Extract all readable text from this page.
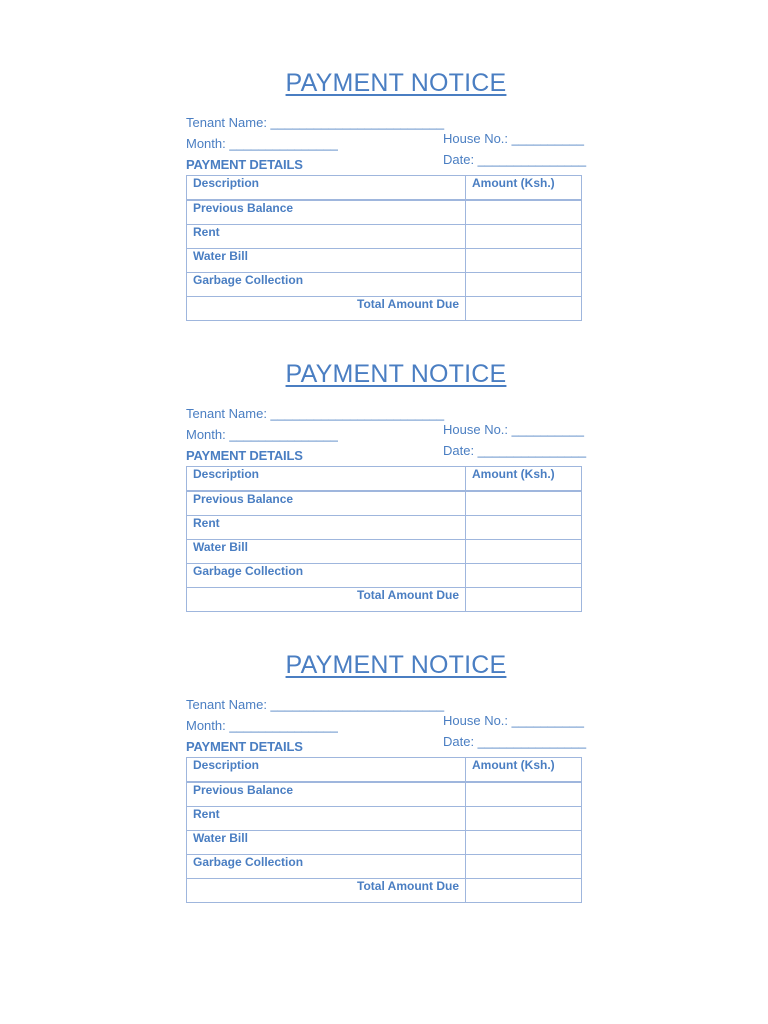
PAYMENT NOTICE

Tenant Name: ________________________

House No.: __________

Month: _______________

Date: _______________

PAYMENT DETAILS
Description	Amount (Ksh.)
Previous Balance	
Rent	
Water Bill	
Garbage Collection	
Total Amount Due	
PAYMENT NOTICE

Tenant Name: ________________________

House No.: __________

Month: _______________

Date: _______________

PAYMENT DETAILS
Description	Amount (Ksh.)
Previous Balance	
Rent	
Water Bill	
Garbage Collection	
Total Amount Due	
PAYMENT NOTICE

Tenant Name: ________________________

House No.: __________

Month: _______________

Date: _______________

PAYMENT DETAILS
Description	Amount (Ksh.)
Previous Balance	
Rent	
Water Bill	
Garbage Collection	
Total Amount Due	
